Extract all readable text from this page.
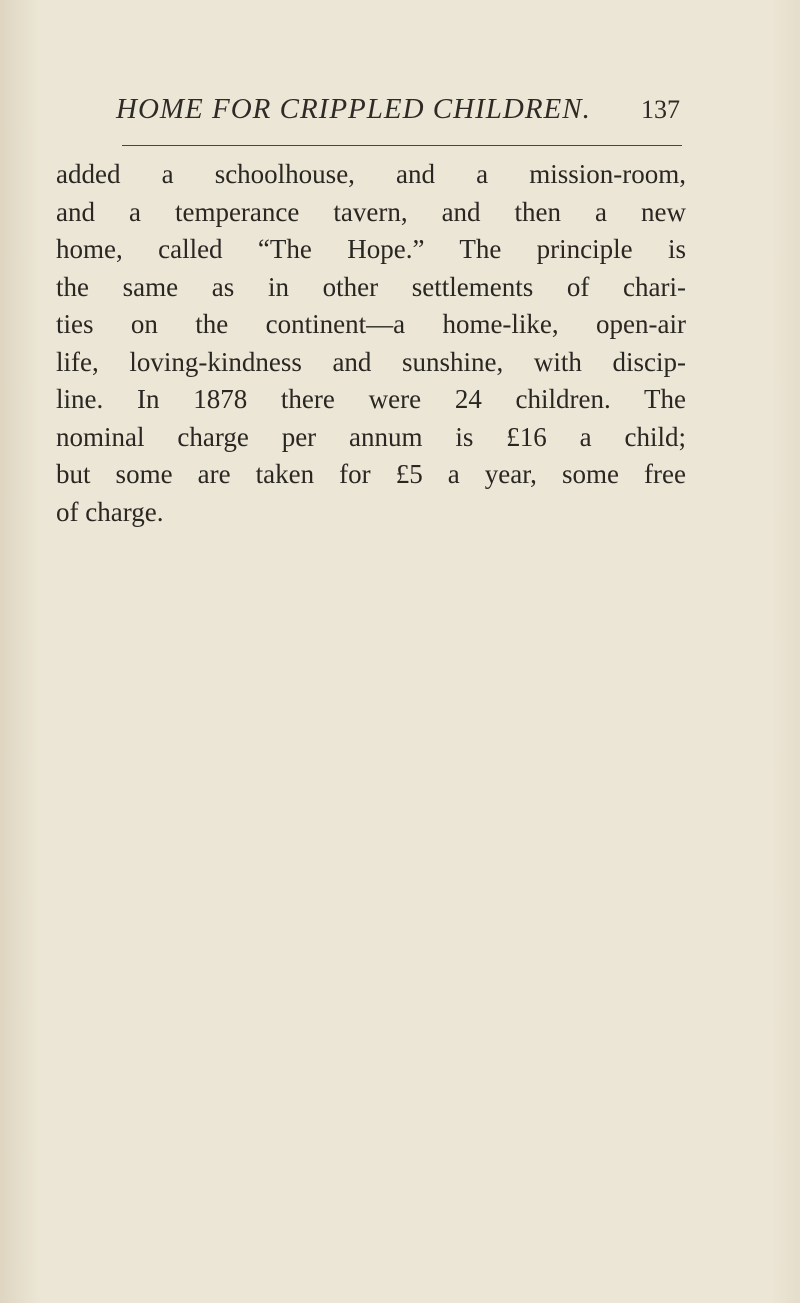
HOME FOR CRIPPLED CHILDREN. 137

added a schoolhouse, and a mission-room,
and a temperance tavern, and then a new
home, called “The Hope.” The principle is
the same as in other settlements of chari-
ties on the continent—a home-like, open-air
life, loving-kindness and sunshine, with discip-
line. In 1878 there were 24 children. The
nominal charge per annum is £16 a child;
but some are taken for £5 a year, some free
of charge.
